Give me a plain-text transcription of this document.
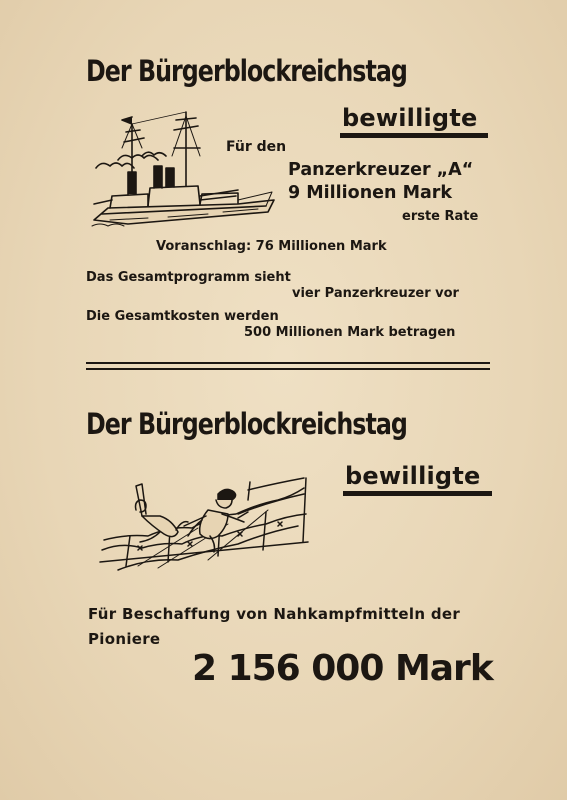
Der Bürgerblockreichstag
bewilligte
Für den
Panzerkreuzer „A“
9 Millionen Mark
erste Rate
Voranschlag: 76 Millionen Mark
Das Gesamtprogramm sieht
vier Panzerkreuzer vor
Die Gesamtkosten werden
500 Millionen Mark betragen
Der Bürgerblockreichstag
bewilligte
Für Beschaffung von Nahkampfmitteln der
Pioniere
2 156 000 Mark
